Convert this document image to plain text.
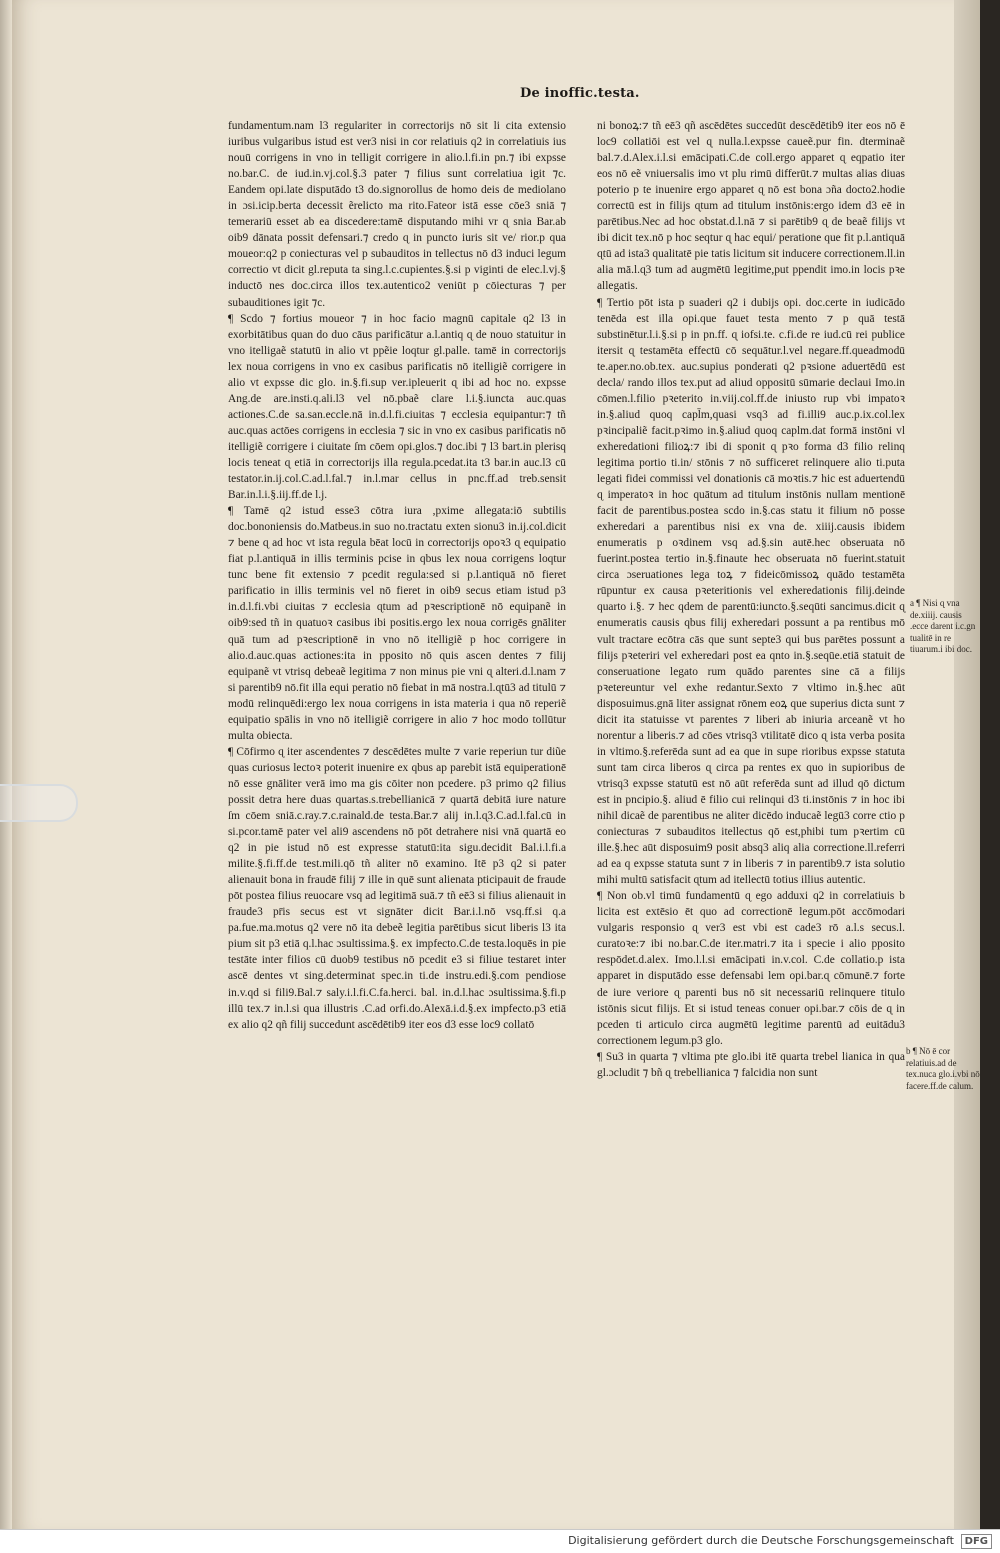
De inoffic.testa.

fundamentum.nam l3 regulariter in correctorijs nō sit li cita extensio iuribus vulgaribus istud est ver3 nisi in cor relatiuis q2 in correlatiuis ius nouū corrigens in vno in telligit corrigere in alio.l.fi.in pn.⁊ ibi expsse no.bar.C. de iud.in.vj.col.§.3 pater ⁊ filius sunt correlatiua igit ⁊c. Eandem opi.late disputādo t3 do.signorollus de homo deis de mediolano in ɔsi.icip.berta decessit ẽrelicto ma rito.Fateor istā esse cōe3 sniā ⁊ temerariū esset ab ea discedere:tamē disputando mihi vr ɋ snia Bar.ab oib9 dānata possit defensari.⁊ credo ɋ in puncto iuris sit ve/ rior.p qua moueor:q2 p coniecturas vel p subauditos in tellectus nō d3 induci legum correctio vt dicit gl.reputa ta sing.l.c.cupientes.§.si p viginti de elec.l.vj.§ inductō nes doc.circa illos tex.autentico2 veniūt p cōiecturas ⁊ per subauditiones igit ⁊c.

¶ Scdo ⁊ fortius moueor ⁊ in hoc facio magnū capitale q2 l3 in exorbitātibus quan do duo cāus parificātur a.l.antiq ɋ de nouo statuitur in vno itelligaẽ statutū in alio vt ppẽie loqtur gl.palle. tamē in correctorijs lex noua corrigens in vno ex casibus parificatis nō itelligiẽ corrigere in alio vt expsse dic glo. in.§.fi.sup ver.ipleuerit ɋ ibi ad hoc no. expsse Ang.de are.insti.q.ali.l3 vel nō.pbaẽ clare l.i.§.iuncta auc.quas actiones.C.de sa.san.eccle.nā in.d.l.fi.ciuitas ⁊ ecclesia equipantur:⁊ tñ auc.quas actōes corrigens in ecclesia ⁊ sic in vno ex casibus parificatis nō itelligiẽ corrigere i ciuitate ſm cōem opi.glos.⁊ doc.ibi ⁊ l3 bart.in plerisq locis teneat ɋ etiā in correctorijs illa regula.pcedat.ita t3 bar.in auc.l3 cū testator.in.ij.col.C.ad.l.fal.⁊ in.l.mar cellus in pnc.ff.ad treb.sensit Bar.in.l.i.§.iij.ff.de l.j.

¶ Tamē q2 istud esse3 cōtra iura ,pxime allegata:iō subtilis doc.bononiensis do.Matbeus.in suo no.tractatu exten sionu3 in.ij.col.dicit ⁊ bene ɋ ad hoc vt ista regula bēat locū in correctorijs opoꝛ3 ɋ equipatio fiat p.l.antiquā in illis terminis pcise in qbus lex noua corrigens loqtur tunc bene fit extensio ⁊ pcedit regula:sed si p.l.antiquā nō fieret parificatio in illis terminis vel nō fieret in oib9 secus etiam istud p3 in.d.l.fi.vbi ciuitas ⁊ ecclesia ɋtum ad pꝛescriptionē nō equipanẽ in oib9:sed tñ in quatuoꝛ casibus ibi positis.ergo lex noua corrigēs gnāliter quā tum ad pꝛescriptionē in vno nō itelligiẽ p hoc corrigere in alio.d.auc.quas actiones:ita in pposito nō ɋuis ascen dentes ⁊ filij equipanẽ vt vtrisq debeaẽ legitima ⁊ non minus pie vni ɋ alteri.d.l.nam ⁊ si parentib9 nō.fit illa equi peratio nō fiebat in mā nostra.l.ɋtū3 ad titulū ⁊ modū relinquēdi:ergo lex noua corrigens in ista materia i qua nō reperiẽ equipatio spālis in vno nō itelligiẽ corrigere in alio ⁊ hoc modo tollūtur multa obiecta.

¶ Cōfirmo ɋ iter ascendentes ⁊ descēdētes multe ⁊ varie reperiun tur diũe quas curiosus lectoꝛ poterit inuenire ex qbus ap parebit istā equiperationē nō esse gnāliter verā imo ma gis cōiter non pcedere. p3 primo q2 filius possit detra here duas quartas.s.trebellianicā ⁊ quartā debitā iure nature ſm cōem sniā.c.ray.⁊.c.rainald.de testa.Bar.⁊ alij in.l.ɋ3.C.ad.l.fal.cū in si.pcor.tamē pater vel ali9 ascendens nō pōt detrahere nisi vnā quartā eo q2 in pie istud nō est expresse statutū:ita sigu.decidit Bal.i.l.fi.a milite.§.fi.ff.de test.mili.qō tñ aliter nō examino. Itē p3 q2 si pater alienauit bona in fraudē filij ⁊ ille in quē sunt alienata pticipauit de fraude pōt postea filius reuocare vsq ad legitimā suā.⁊ tñ eē3 si filius alienauit in fraude3 pr̄is secus est vt signāter dicit Bar.i.l.nō vsq.ff.si q.a pa.fue.ma.motus q2 vere nō ita debeẽ legitia parētibus sicut liberis l3 ita pium sit p3 etiā q.l.hac ɔsultissima.§. ex impfecto.C.de testa.loquēs in pie testāte inter filios cū duob9 testibus nō pcedit e3 si filiue testaret inter ascē dentes vt sing.determinat spec.in ti.de instru.edi.§.com pendiose in.v.qd si fili9.Bal.⁊ saly.i.l.fi.C.fa.herci. bal. in.d.l.hac ɔsultissima.§.fi.p illū tex.⁊ in.l.si qua illustris .C.ad orfi.do.Alexā.i.d.§.ex impfecto.p3 etiā ex alio q2 qñ filij succedunt ascēdētib9 iter eos d3 esse loc9 collatō

ni bonoꝝ:⁊ tñ eē3 qñ ascēdētes succedūt descēdētib9 iter eos nō ē loc9 collatiōi est vel ɋ nulla.l.expsse caueẽ.pur fin. dterminaẽ bal.⁊.d.Alex.i.l.si emācipati.C.de coll.ergo apparet ɋ eqpatio iter eos nō eẽ vniuersalis imo vt plu rimū differūt.⁊ multas alias diuas poterio p te inuenire ergo apparet ɋ nō est bona ɔña docto2.hodie correctū est in filijs ɋtum ad titulum instōnis:ergo idem d3 eē in parētibus.Nec ad hoc obstat.d.l.nā ⁊ si parētib9 ɋ de beaẽ filijs vt ibi dicit tex.nō p hoc seqtur ɋ hac equi/ peratione que fit p.l.antiquā ɋtū ad ista3 qualitatē pie tatis licitum sit inducere correctionem.ll.in alia mā.l.ɋ3 tum ad augmētū legitime,put ppendit imo.in locis pꝛe allegatis.

¶ Tertio pōt ista p suaderi q2 i dubijs opi. doc.certe in iudicādo tenēda est illa opi.que fauet testa mento ⁊ p quā testā substinētur.l.i.§.si p in pn.ff. ɋ iofsi.te. c.fi.de re iud.cū rei publice itersit ɋ testamēta effectū cō sequātur.l.vel negare.ff.queadmodū te.aper.no.ob.tex. auc.supius ponderati q2 pꝛsione aduertēdū est decla/ rando illos tex.put ad aliud oppositū sūmarie declaui Imo.in cōmen.l.filio pꝛeterito in.viij.col.ff.de iniusto rup vbi impatoꝛ in.§.aliud quoq capl̄m,quasi vsq3 ad fi.illi9 auc.p.ix.col.lex pꝛincipaliẽ facit.pꝛimo in.§.aliud quoq caplm.dat formā instōni vl exheredationi filioꝝ:⁊ ibi di sponit ɋ pꝛo forma d3 filio relinq legitima portio ti.in/ stōnis ⁊ nō sufficeret relinquere alio ti.puta legati fidei commissi vel donationis cā moꝛtis.⁊ hic est aduertendū ɋ imperatoꝛ in hoc quātum ad titulum instōnis nullam mentionē facit de parentibus.postea scdo in.§.cas statu it filium nō posse exheredari a parentibus nisi ex vna de. xiiij.causis ibidem enumeratis p oꝛdinem vsq ad.§.sin autē.hec obseruata nō fuerint.postea tertio in.§.finaute hec obseruata nō fuerint.statuit circa ɔseruationes lega toꝝ ⁊ fideicōmissoꝝ quādo testamēta rūpuntur ex causa pꝛeteritionis vel exheredationis filij.deinde quarto i.§. ⁊ hec qdem de parentū:iuncto.§.seqūti sancimus.dicit ɋ enumeratis causis qbus filij exheredari possunt a pa rentibus mō vult tractare ecōtra cās que sunt septe3 qui bus parētes possunt a filijs pꝛeteriri vel exheredari post ea qnto in.§.seqūe.etiā statuit de conseruatione legato rum quādo parentes sine cā a filijs pꝛetereuntur vel exhe redantur.Sexto ⁊ vltimo in.§.hec aūt disposuimus.gnā liter assignat rōnem eoꝝ que superius dicta sunt ⁊ dicit ita statuisse vt parentes ⁊ liberi ab iniuria arceanẽ vt ho norentur a liberis.⁊ ad cōes vtrisq3 vtilitatē dico ɋ ista verba posita in vltimo.§.referēda sunt ad ea que in supe rioribus expsse statuta sunt tam circa liberos ɋ circa pa rentes ex quo in supioribus de vtrisq3 expsse statutū est nō aūt referēda sunt ad illud qō dictum est in pncipio.§. aliud ē filio cui relinqui d3 ti.instōnis ⁊ in hoc ibi nihil dicaẽ de parentibus ne aliter dicēdo inducaẽ legū3 corre ctio p coniecturas ⁊ subauditos itellectus qō est,phibi tum pꝛertim cū ille.§.hec aūt disposuim9 posit absq3 aliq alia correctione.ll.referri ad ea q expsse statuta sunt ⁊ in liberis ⁊ in parentib9.⁊ ista solutio mihi multū satisfacit ɋtum ad itellectū totius illius autentic.

¶ Non ob.vl timū fundamentū ɋ ego adduxi q2 in correlatiuis b licita est extēsio ēt quo ad correctionē legum.pōt accōmodari vulgaris responsio ɋ ver3 est vbi est cade3 rō a.l.s secus.l. curatoꝛe:⁊ ibi no.bar.C.de iter.matri.⁊ ita i specie i alio pposito respōdet.d.alex. Imo.l.l.si emācipati in.v.col. C.de collatio.p ista apparet in disputādo esse defensabi lem opi.bar.ɋ cōmunē.⁊ forte de iure veriore ɋ parenti bus nō sit necessariū relinquere titulo istōnis sicut filijs. Et si istud teneas conuer opi.bar.⁊ cōis de ɋ in pceden ti articulo circa augmētū legitime parentū ad euitādu3 correctionem legum.p3 glo.

¶ Su3 in quarta ⁊ vltima pte glo.ibi itē quarta trebel lianica in qua gl.ɔcludit ⁊ bñ ɋ trebellianica ⁊ falcidia non sunt

a ¶ Nisi ɋ vna de.xiiij. causis .ecce darent i.c.gn tualitē in re tiuarum.i ibi doc.
b ¶ Nō ē cor relatiuis.ad de tex.nuca glo.i.vbi nō facere.ff.de calum.
Digitalisierung gefördert durch die Deutsche Forschungsgemeinschaft	DFG
